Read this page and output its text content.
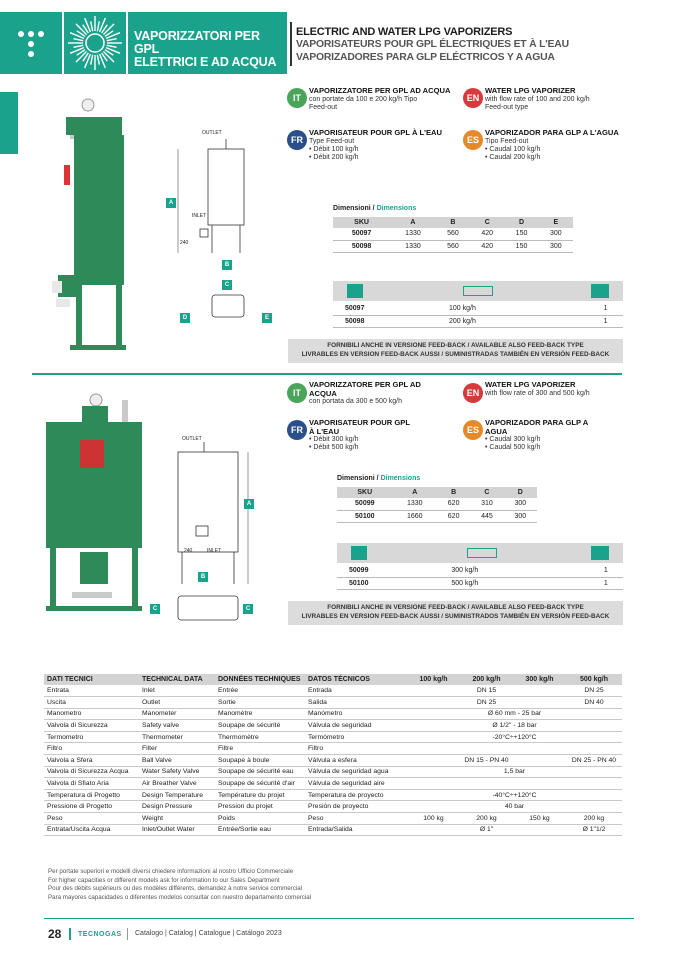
VAPORIZZATORI PER GPL
ELETTRICI E AD ACQUA
ELECTRIC AND WATER LPG VAPORIZERS
VAPORISATEURS POUR GPL ÉLECTRIQUES ET À L'EAU
VAPORIZADORES PARA GLP ELÉCTRICOS Y A AGUA
OUTLET
INLET
240
A
B
C
D	E
IT
VAPORIZZATORE PER GPL AD ACQUA
con portate da 100 e 200 kg/h Tipo
Feed-out
EN
WATER LPG VAPORIZER
with flow rate of 100 and 200 kg/h
Feed-out type
FR
VAPORISATEUR POUR GPL À L'EAU
Type Feed-out
• Débit 100 kg/h
• Débit 200 kg/h
ES
VAPORIZADOR PARA GLP A L'AGUA
Tipo Feed-out
• Caudal 100 kg/h
• Caudal 200 kg/h
Dimensioni / Dimensions
SKU	A	B	C	D	E
50097	1330	560	420	150	300
50098	1330	560	420	150	300
50097	100 kg/h	1
50098	200 kg/h	1
FORNIBILI ANCHE IN VERSIONE FEED-BACK / AVAILABLE ALSO FEED-BACK TYPE
LIVRABLES EN VERSION FEED-BACK AUSSI / SUMINISTRADAS TAMBIÉN EN VERSIÓN FEED-BACK
OUTLET
INLET
240
A
B
C	C
IT
VAPORIZZATORE PER GPL AD
ACQUA
con portata da 300 e 500 kg/h
EN
WATER LPG VAPORIZER
with flow rate of 300 and 500 kg/h
FR
VAPORISATEUR POUR GPL
À L'EAU
• Débit 300 kg/h
• Débit 500 kg/h
ES
VAPORIZADOR PARA GLP A
AGUA
• Caudal 300 kg/h
• Caudal 500 kg/h
Dimensioni / Dimensions
SKU	A	B	C	D
50099	1330	620	310	300
50100	1660	620	445	300
50099	300 kg/h	1
50100	500 kg/h	1
FORNIBILI ANCHE IN VERSIONE FEED-BACK / AVAILABLE ALSO FEED-BACK TYPE
LIVRABLES EN VERSION FEED-BACK AUSSI / SUMINISTRADOS TAMBIÉN EN VERSIÓN FEED-BACK
DATI TECNICI	TECHNICAL DATA	DONNÉES TECHNIQUES	DATOS TÉCNICOS	100 kg/h	200 kg/h	300 kg/h	500 kg/h
Entrata	Inlet	Entrée	Entrada	DN 15			DN 25
Uscita	Outlet	Sortie	Salida	DN 25			DN 40
Manometro	Manometer	Manomètre	Manómetro	Ø 60 mm - 25 bar			
Valvola di Sicurezza	Safety valve	Soupape de sécurité	Válvula de seguridad	Ø 1/2" - 18 bar			
Termometro	Thermometer	Thermomètre	Termómetro	-20°C÷+120°C			
Filtro	Filter	Filtre	Filtro				
Valvola a Sfera	Ball Valve	Soupape à boule	Válvula a esfera	DN 15 - PN 40			DN 25 - PN 40
Valvola di Sicurezza Acqua	Water Safety Valve	Soupape de sécurité eau	Válvula de seguridad agua	1,5 bar			
Valvola di Sfiato Aria	Air Breather Valve	Soupape de sécurité d'air	Válvula de seguridad aire				
Temperatura di Progetto	Design Temperature	Température du projet	Temperatura de proyecto	-40°C÷+120°C			
Pressione di Progetto	Design Pressure	Pression du projet	Presión de proyecto	40 bar			
Peso	Weight	Poids	Peso	100 kg	200 kg	150 kg	200 kg
Entrata/Uscita Acqua	Inlet/Outlet Water	Entrée/Sortie eau	Entrada/Salida	Ø 1"			Ø 1"1/2
Per portate superiori e modelli diversi chiedere informazioni al nostro Ufficio Commerciale
For higher capacities or different models ask for information to our Sales Department
Pour des débits supérieurs ou des modèles différents, demandez à notre service commercial
Para mayores capacidades o diferentes modelos consultar con nuestro departamento comercial
28 TECNOGAS Catalogo | Catalog | Catalogue | Catálogo 2023
